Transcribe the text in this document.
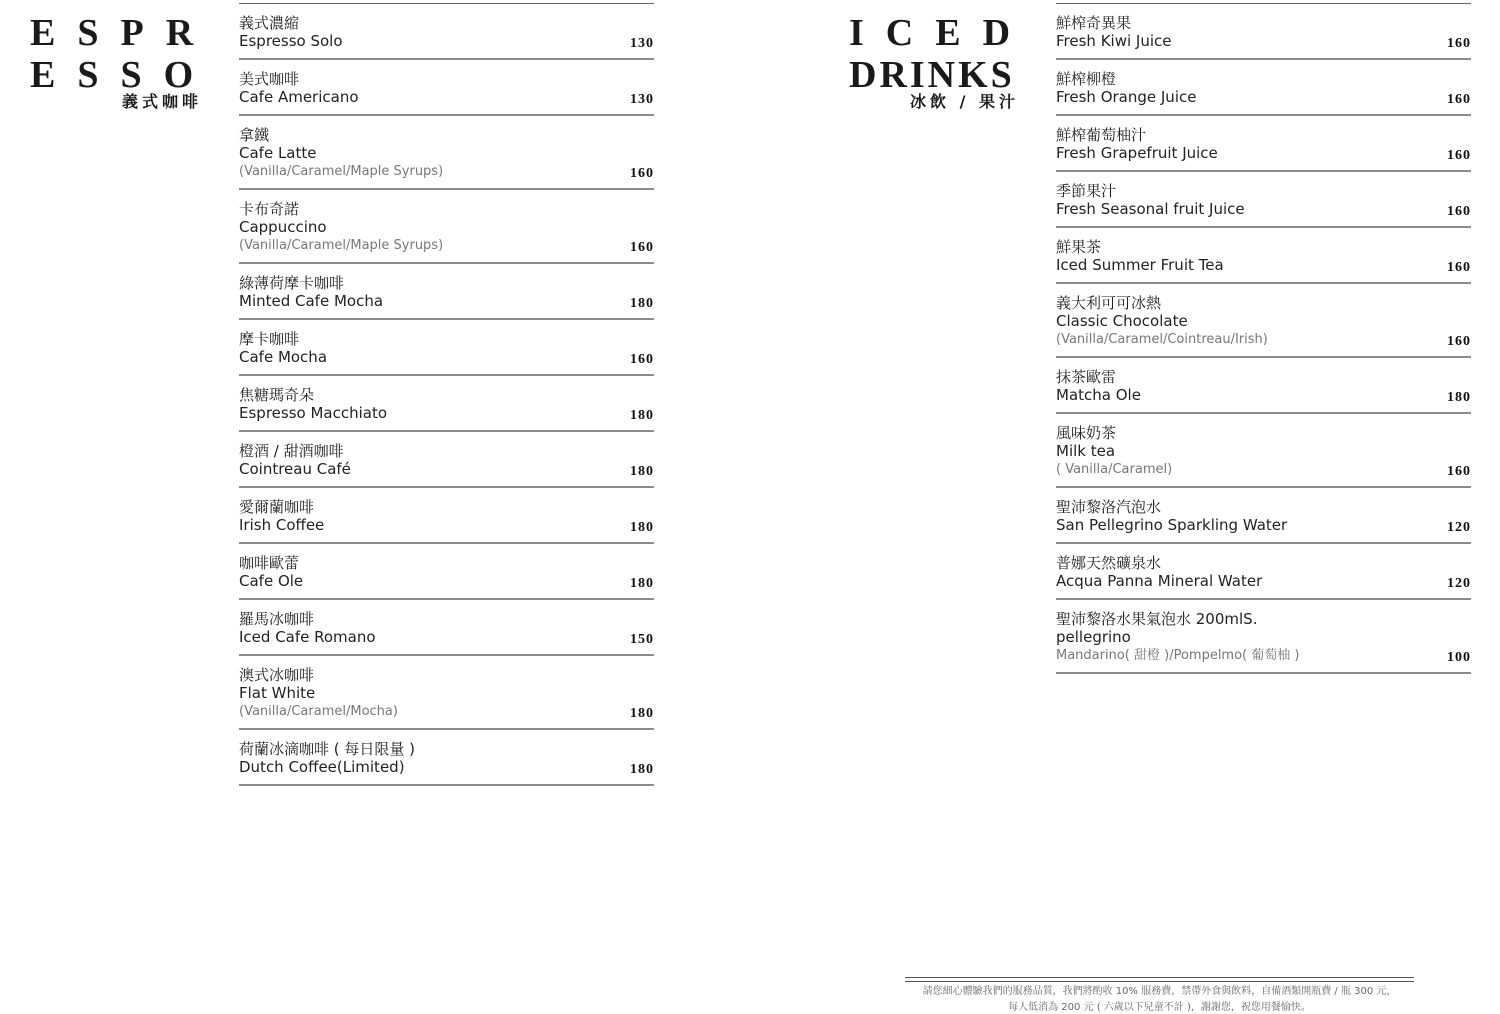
ESPR
ESSO
義式咖啡
ICED
DRINKS
冰飲 / 果汁
義式濃縮
Espresso Solo	130
美式咖啡
Cafe Americano	130
拿鐵
Cafe Latte
(Vanilla/Caramel/Maple Syrups)	160
卡布奇諾
Cappuccino
(Vanilla/Caramel/Maple Syrups)	160
綠薄荷摩卡咖啡
Minted Cafe Mocha	180
摩卡咖啡
Cafe Mocha	160
焦糖瑪奇朵
Espresso Macchiato	180
橙酒 / 甜酒咖啡
Cointreau Café	180
愛爾蘭咖啡
Irish Coffee	180
咖啡歐蕾
Cafe Ole	180
羅馬冰咖啡
Iced Cafe Romano	150
澳式冰咖啡
Flat White
(Vanilla/Caramel/Mocha)	180
荷蘭冰滴咖啡 ( 每日限量 )
Dutch Coffee(Limited)	180
鮮榨奇異果
Fresh Kiwi Juice	160
鮮榨柳橙
Fresh Orange Juice	160
鮮榨葡萄柚汁
Fresh Grapefruit Juice	160
季節果汁
Fresh Seasonal fruit Juice	160
鮮果茶
Iced Summer Fruit Tea	160
義大利可可冰熱
Classic Chocolate
(Vanilla/Caramel/Cointreau/Irish)	160
抹茶歐雷
Matcha Ole	180
風味奶茶
Milk tea
( Vanilla/Caramel)	160
聖沛黎洛汽泡水
San Pellegrino Sparkling Water	120
普娜天然礦泉水
Acqua Panna Mineral Water	120
聖沛黎洛水果氣泡水 200mlS.
pellegrino
Mandarino( 甜橙 )/Pompelmo( 葡萄柚 )	100
請您細心體驗我們的服務品質，我們將酌收 10% 服務費，禁帶外食與飲料，自備酒類開瓶費 / 瓶 300 元，
每人低消為 200 元 ( 六歲以下兒童不計 )，謝謝您，祝您用餐愉快。
